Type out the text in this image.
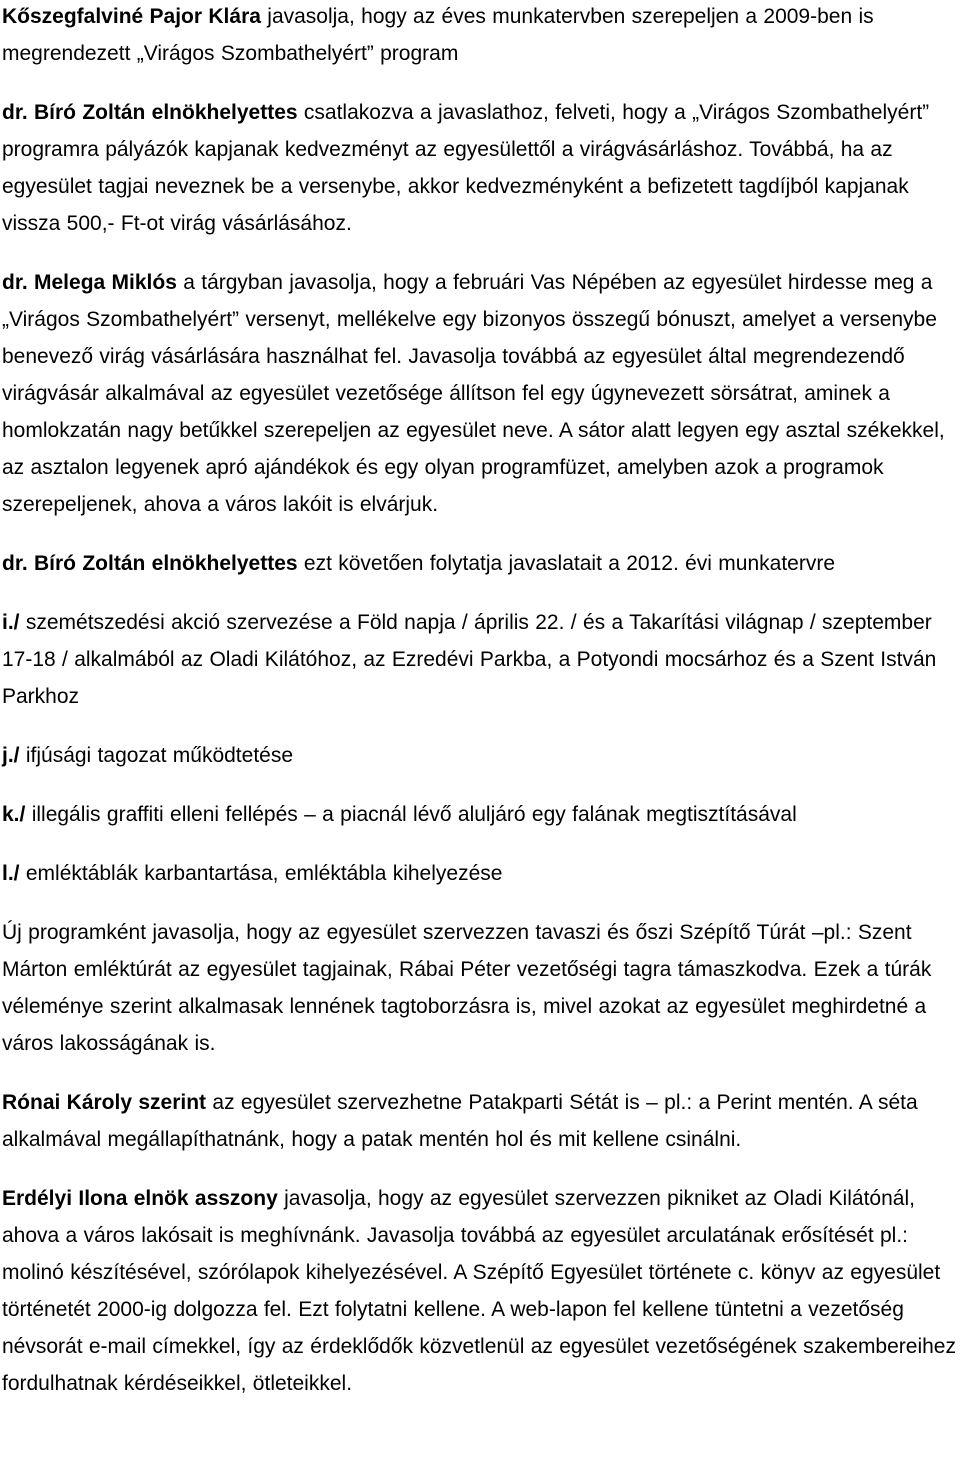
Kőszegfalviné Pajor Klára javasolja, hogy az éves munkatervben szerepeljen a 2009-ben is megrendezett „Virágos Szombathelyért” program

dr. Bíró Zoltán elnökhelyettes csatlakozva a javaslathoz, felveti, hogy a „Virágos Szombathelyért” programra pályázók kapjanak kedvezményt az egyesülettől a virágvásárláshoz. Továbbá, ha az egyesület tagjai neveznek be a versenybe, akkor kedvezményként a befizetett tagdíjból kapjanak vissza 500,- Ft-ot virág vásárlásához.

dr. Melega Miklós a tárgyban javasolja, hogy a februári Vas Népében az egyesület hirdesse meg a „Virágos Szombathelyért” versenyt, mellékelve egy bizonyos összegű bónuszt, amelyet a versenybe benevező virág vásárlására használhat fel. Javasolja továbbá az egyesület által megrendezendő virágvásár alkalmával az egyesület vezetősége állítson fel egy úgynevezett sörsátrat, aminek a homlokzatán nagy betűkkel szerepeljen az egyesület neve. A sátor alatt legyen egy asztal székekkel, az asztalon legyenek apró ajándékok és egy olyan programfüzet, amelyben azok a programok szerepeljenek, ahova a város lakóit is elvárjuk.

dr. Bíró Zoltán elnökhelyettes ezt követően folytatja javaslatait a 2012. évi munkatervre

i./ szemétszedési akció szervezése a Föld napja / április 22. / és a Takarítási világnap / szeptember 17-18 / alkalmából az Oladi Kilátóhoz, az Ezredévi Parkba, a Potyondi mocsárhoz és a Szent István Parkhoz

j./ ifjúsági tagozat működtetése

k./ illegális graffiti elleni fellépés – a piacnál lévő aluljáró egy falának megtisztításával

l./ emléktáblák karbantartása, emléktábla kihelyezése

Új programként javasolja, hogy az egyesület szervezzen tavaszi és őszi Szépítő Túrát –pl.: Szent Márton emléktúrát az egyesület tagjainak, Rábai Péter vezetőségi tagra támaszkodva. Ezek a túrák véleménye szerint alkalmasak lennének tagtoborzásra is, mivel azokat az egyesület meghirdetné a város lakosságának is.

Rónai Károly szerint az egyesület szervezhetne Patakparti Sétát is – pl.: a Perint mentén. A séta alkalmával megállapíthatnánk, hogy a patak mentén hol és mit kellene csinálni.

Erdélyi Ilona elnök asszony javasolja, hogy az egyesület szervezzen pikniket az Oladi Kilátónál, ahova a város lakósait is meghívnánk. Javasolja továbbá az egyesület arculatának erősítését pl.: molinó készítésével, szórólapok kihelyezésével. A Szépítő Egyesület története c. könyv az egyesület történetét 2000-ig dolgozza fel. Ezt folytatni kellene. A web-lapon fel kellene tüntetni a vezetőség névsorát e-mail címekkel, így az érdeklődők közvetlenül az egyesület vezetőségének szakembereihez fordulhatnak kérdéseikkel, ötleteikkel.
